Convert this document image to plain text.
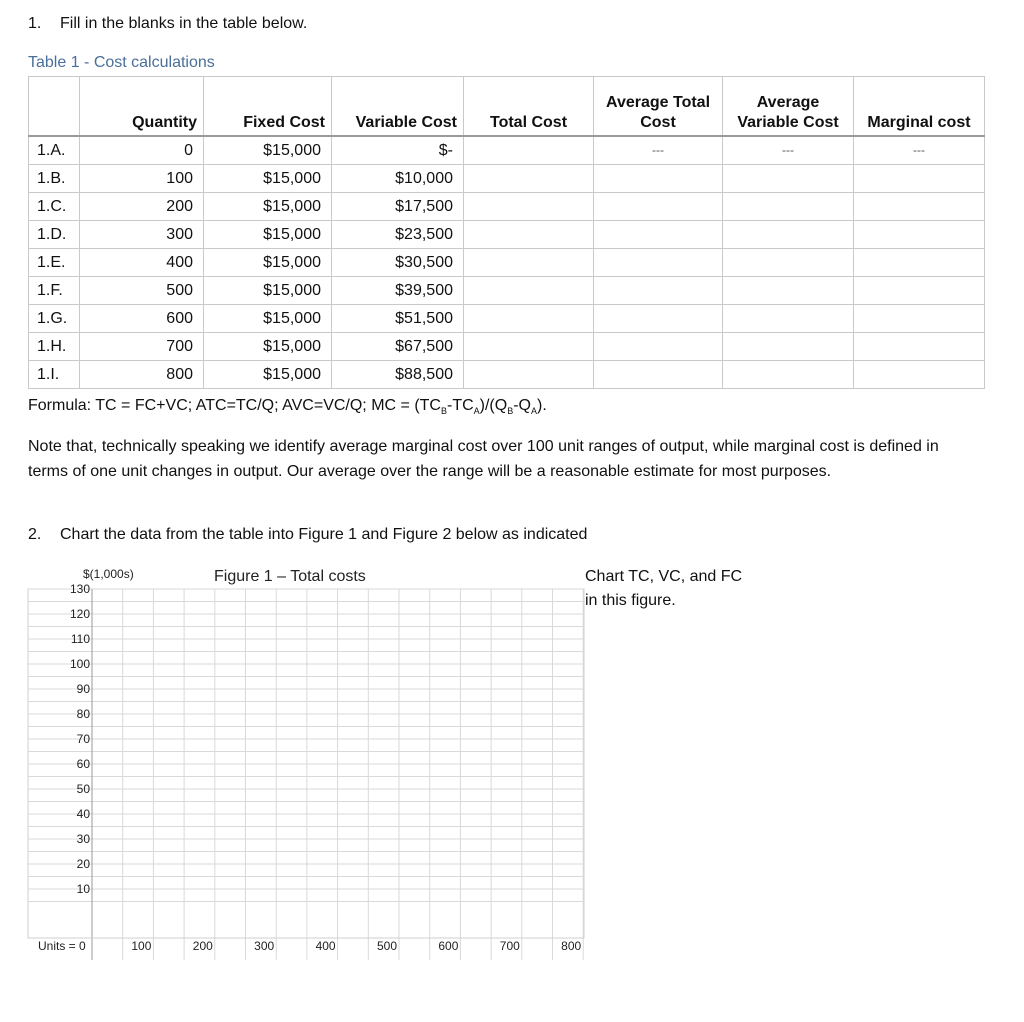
1. Fill in the blanks in the table below.
Table 1 - Cost calculations
	Quantity	Fixed Cost	Variable Cost	Total Cost	Average Total Cost	Average Variable Cost	Marginal cost
1.A.	0	$15,000	$-		---	---	---
1.B.	100	$15,000	$10,000				
1.C.	200	$15,000	$17,500				
1.D.	300	$15,000	$23,500				
1.E.	400	$15,000	$30,500				
1.F.	500	$15,000	$39,500				
1.G.	600	$15,000	$51,500				
1.H.	700	$15,000	$67,500				
1.I.	800	$15,000	$88,500				
Formula: TC = FC+VC; ATC=TC/Q; AVC=VC/Q; MC = $(TC_B-TC_A)/(Q_B-Q_A)$.
Note that, technically speaking we identify average marginal cost over 100 unit ranges of output, while marginal cost is defined in terms of one unit changes in output. Our average over the range will be a reasonable estimate for most purposes.
2. Chart the data from the table into Figure 1 and Figure 2 below as indicated
$(1,000s)	Figure 1 – Total costs
Units = 0
130
120
110
100
90
80
70
60
50
40
30
20
10
100	200	300	400	500	600	700	800
Chart TC, VC, and FC
in this figure.
